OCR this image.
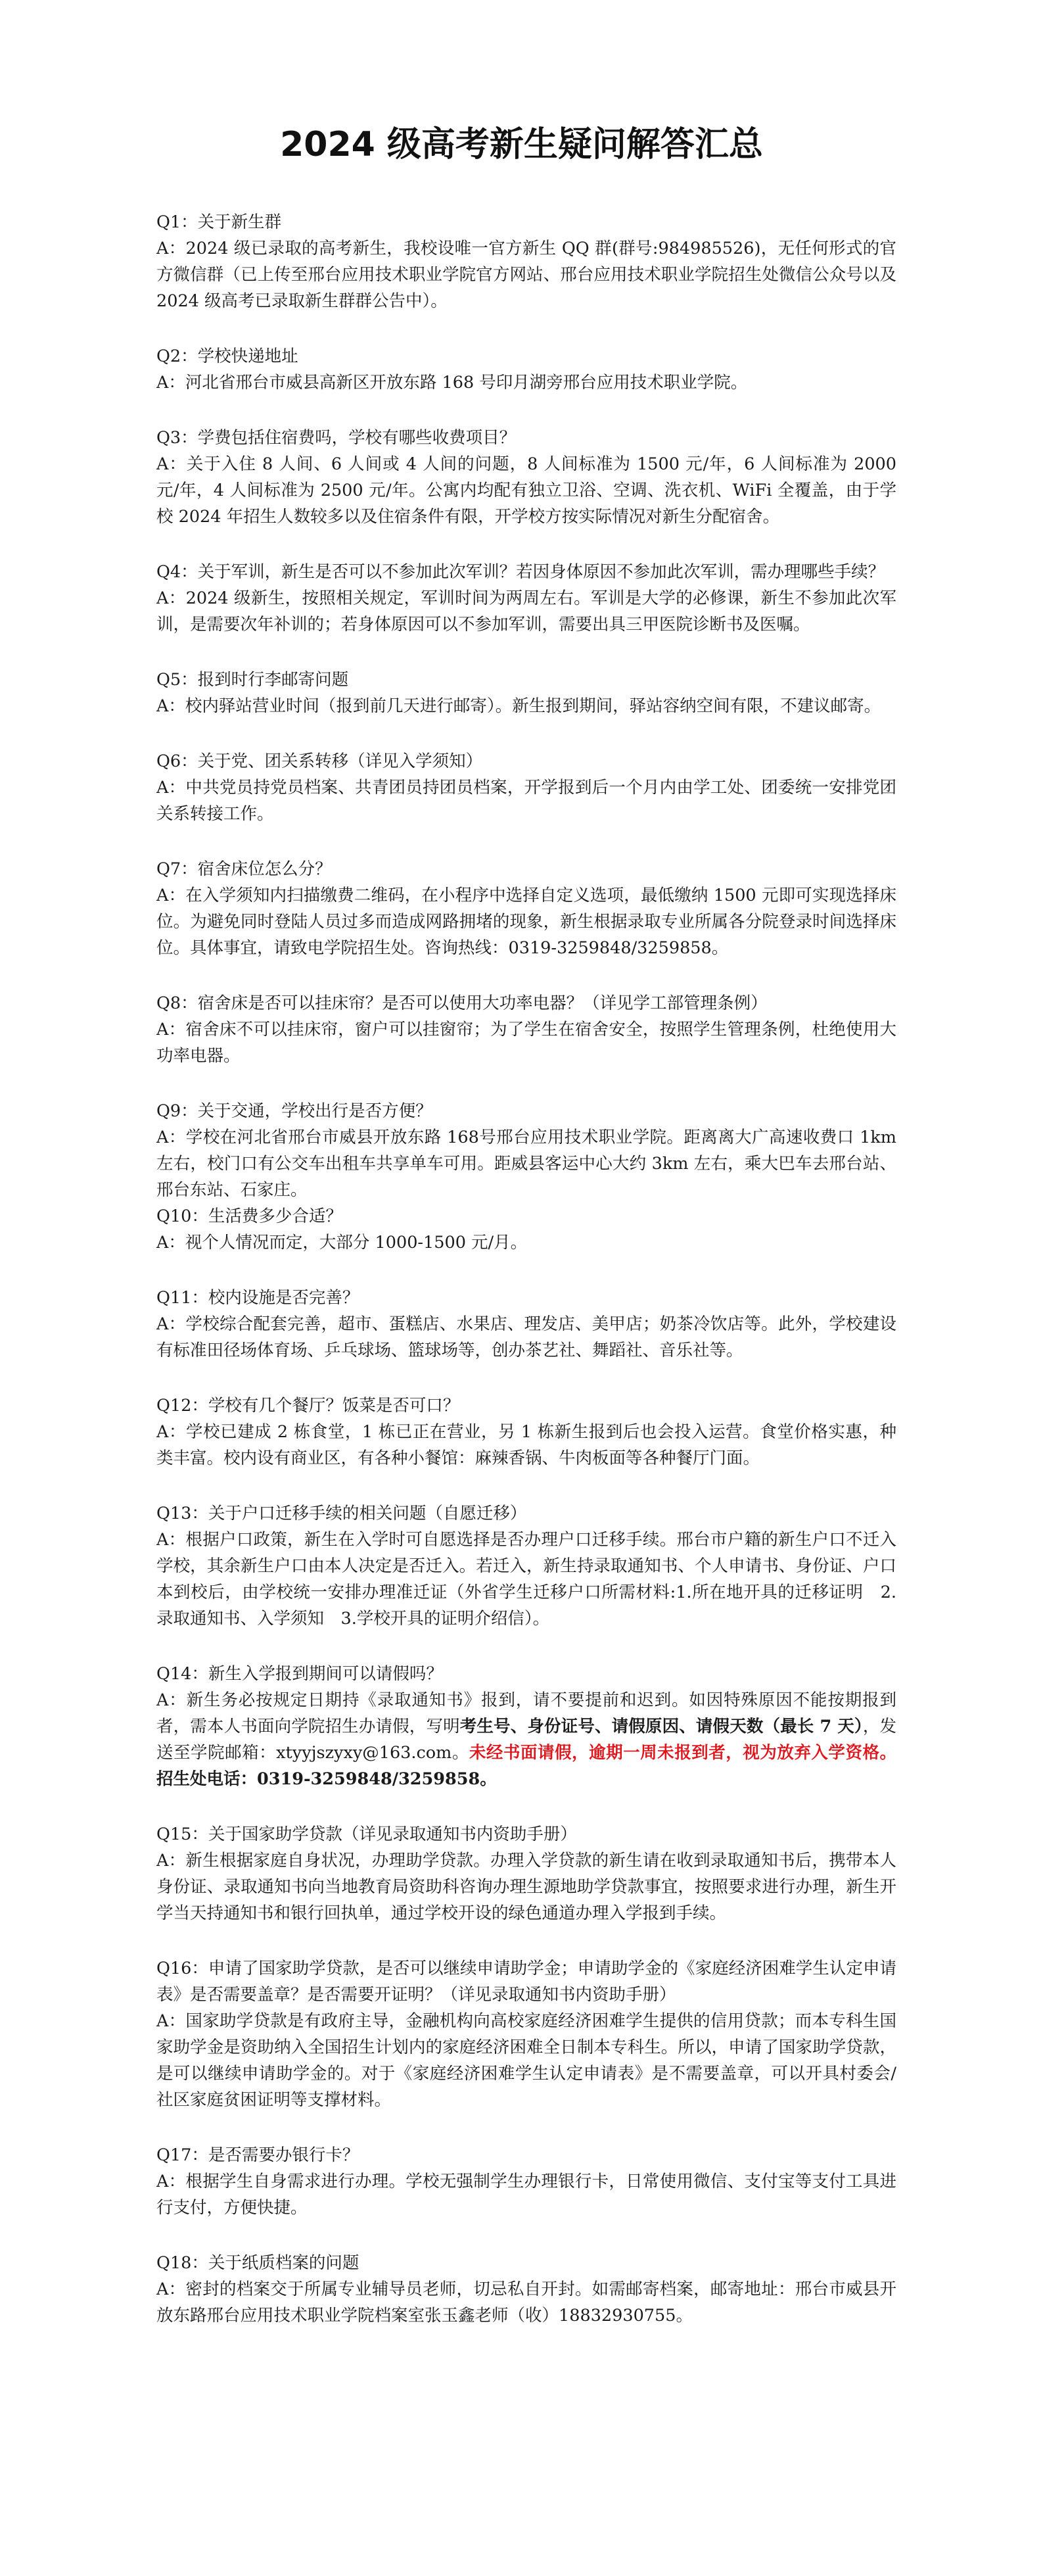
2024 级高考新生疑问解答汇总

Q1：关于新生群

A：2024 级已录取的高考新生，我校设唯一官方新生 QQ 群(群号:984985526)，无任何形式的官方微信群（已上传至邢台应用技术职业学院官方网站、邢台应用技术职业学院招生处微信公众号以及 2024 级高考已录取新生群群公告中）。

Q2：学校快递地址

A：河北省邢台市威县高新区开放东路 168 号印月湖旁邢台应用技术职业学院。

Q3：学费包括住宿费吗，学校有哪些收费项目？

A：关于入住 8 人间、6 人间或 4 人间的问题，8 人间标准为 1500 元/年，6 人间标准为 2000 元/年，4 人间标准为 2500 元/年。公寓内均配有独立卫浴、空调、洗衣机、WiFi 全覆盖，由于学校 2024 年招生人数较多以及住宿条件有限，开学校方按实际情况对新生分配宿舍。

Q4：关于军训，新生是否可以不参加此次军训？若因身体原因不参加此次军训，需办理哪些手续？

A：2024 级新生，按照相关规定，军训时间为两周左右。军训是大学的必修课，新生不参加此次军训，是需要次年补训的；若身体原因可以不参加军训，需要出具三甲医院诊断书及医嘱。

Q5：报到时行李邮寄问题

A：校内驿站营业时间（报到前几天进行邮寄）。新生报到期间，驿站容纳空间有限，不建议邮寄。

Q6：关于党、团关系转移（详见入学须知）

A：中共党员持党员档案、共青团员持团员档案，开学报到后一个月内由学工处、团委统一安排党团关系转接工作。

Q7：宿舍床位怎么分？

A：在入学须知内扫描缴费二维码，在小程序中选择自定义选项，最低缴纳 1500 元即可实现选择床位。为避免同时登陆人员过多而造成网路拥堵的现象，新生根据录取专业所属各分院登录时间选择床位。具体事宜，请致电学院招生处。咨询热线：0319-3259848/3259858。

Q8：宿舍床是否可以挂床帘？是否可以使用大功率电器？（详见学工部管理条例）

A：宿舍床不可以挂床帘，窗户可以挂窗帘；为了学生在宿舍安全，按照学生管理条例，杜绝使用大功率电器。

Q9：关于交通，学校出行是否方便？

A：学校在河北省邢台市威县开放东路 168号邢台应用技术职业学院。距离离大广高速收费口 1km 左右，校门口有公交车出租车共享单车可用。距威县客运中心大约 3km 左右，乘大巴车去邢台站、邢台东站、石家庄。

Q10：生活费多少合适？

A：视个人情况而定，大部分 1000-1500 元/月。

Q11：校内设施是否完善？

A：学校综合配套完善，超市、蛋糕店、水果店、理发店、美甲店；奶茶冷饮店等。此外，学校建设有标准田径场体育场、乒乓球场、篮球场等，创办茶艺社、舞蹈社、音乐社等。

Q12：学校有几个餐厅？饭菜是否可口？

A：学校已建成 2 栋食堂，1 栋已正在营业，另 1 栋新生报到后也会投入运营。食堂价格实惠，种类丰富。校内设有商业区，有各种小餐馆：麻辣香锅、牛肉板面等各种餐厅门面。

Q13：关于户口迁移手续的相关问题（自愿迁移）

A：根据户口政策，新生在入学时可自愿选择是否办理户口迁移手续。邢台市户籍的新生户口不迁入学校，其余新生户口由本人决定是否迁入。若迁入，新生持录取通知书、个人申请书、身份证、户口本到校后，由学校统一安排办理准迁证（外省学生迁移户口所需材料:1.所在地开具的迁移证明　2.录取通知书、入学须知　3.学校开具的证明介绍信）。

Q14：新生入学报到期间可以请假吗？

A：新生务必按规定日期持《录取通知书》报到，请不要提前和迟到。如因特殊原因不能按期报到者，需本人书面向学院招生办请假，写明考生号、身份证号、请假原因、请假天数（最长 7 天），发送至学院邮箱：xtyyjszyxy@163.com。未经书面请假，逾期一周未报到者，视为放弃入学资格。招生处电话：0319-3259848/3259858。

Q15：关于国家助学贷款（详见录取通知书内资助手册）

A：新生根据家庭自身状况，办理助学贷款。办理入学贷款的新生请在收到录取通知书后，携带本人身份证、录取通知书向当地教育局资助科咨询办理生源地助学贷款事宜，按照要求进行办理，新生开学当天持通知书和银行回执单，通过学校开设的绿色通道办理入学报到手续。

Q16：申请了国家助学贷款，是否可以继续申请助学金；申请助学金的《家庭经济困难学生认定申请表》是否需要盖章？是否需要开证明？（详见录取通知书内资助手册）

A：国家助学贷款是有政府主导，金融机构向高校家庭经济困难学生提供的信用贷款；而本专科生国家助学金是资助纳入全国招生计划内的家庭经济困难全日制本专科生。所以，申请了国家助学贷款，是可以继续申请助学金的。对于《家庭经济困难学生认定申请表》是不需要盖章，可以开具村委会/社区家庭贫困证明等支撑材料。

Q17：是否需要办银行卡？

A：根据学生自身需求进行办理。学校无强制学生办理银行卡，日常使用微信、支付宝等支付工具进行支付，方便快捷。

Q18：关于纸质档案的问题

A：密封的档案交于所属专业辅导员老师，切忌私自开封。如需邮寄档案，邮寄地址：邢台市威县开放东路邢台应用技术职业学院档案室张玉鑫老师（收）18832930755。
